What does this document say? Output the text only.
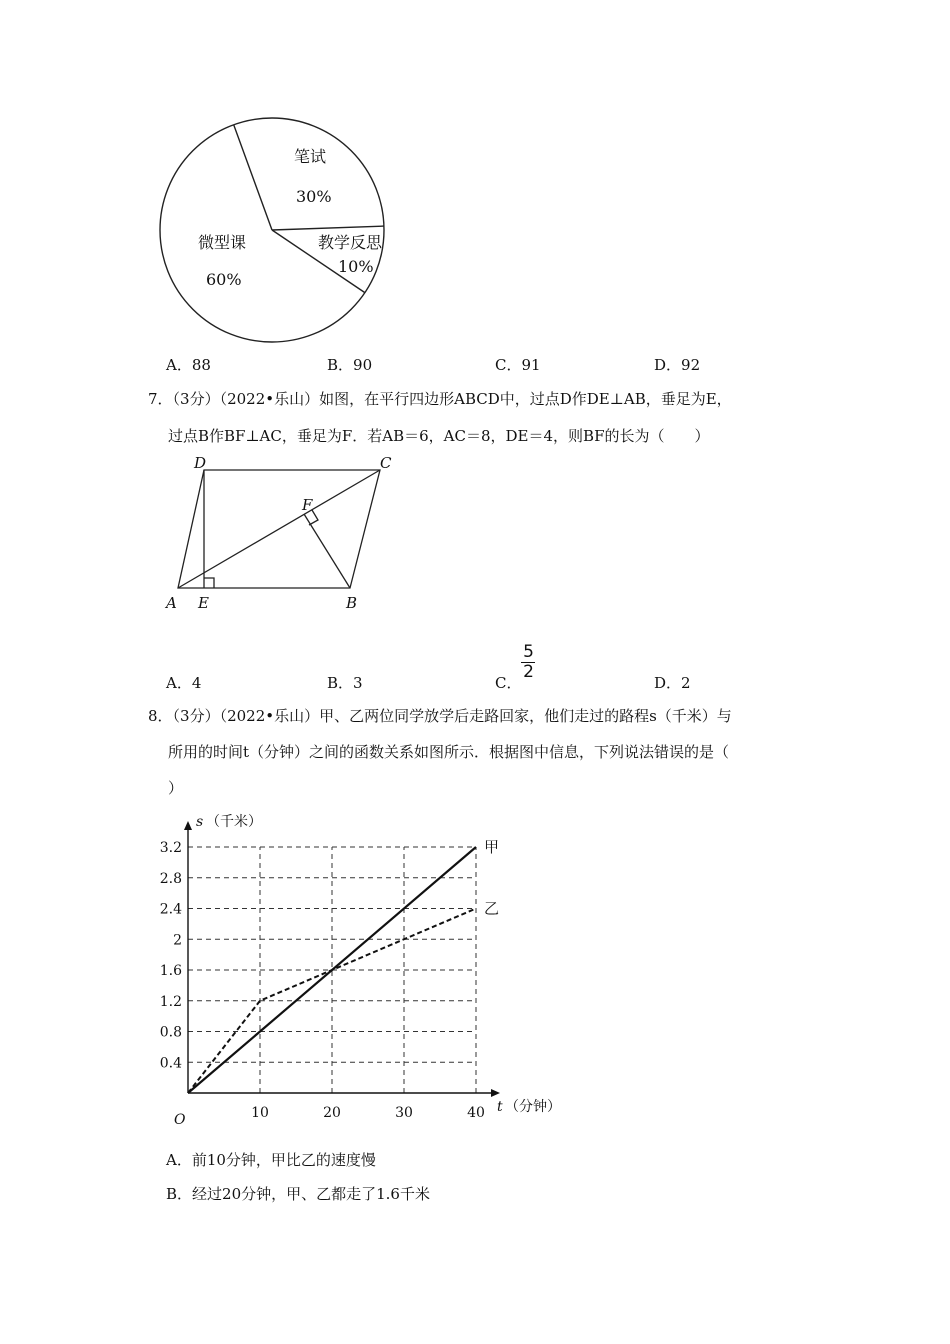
笔试
30%
教学反思
10%
微型课
60%
A．88	B．90	C．91	D．92
7．（3分）（2022•乐山）如图，在平行四边形ABCD中，过点D作DE⊥AB，垂足为E，
过点B作BF⊥AC，垂足为F．若AB＝6，AC＝8，DE＝4，则BF的长为（　　）
D	C
F
A E	B
A．4	B．3	C．
$\frac{5}{2}$
D．2
8．（3分）（2022•乐山）甲、乙两位同学放学后走路回家，他们走过的路程s（千米）与
所用的时间t（分钟）之间的函数关系如图所示．根据图中信息，下列说法错误的是（
）
10	20	30	40
0.4
0.8
1.2
1.6
2
2.4
2.8
3.2	甲
乙
s （千米）
t （分钟）
O
A．前10分钟，甲比乙的速度慢
B．经过20分钟，甲、乙都走了1.6千米
